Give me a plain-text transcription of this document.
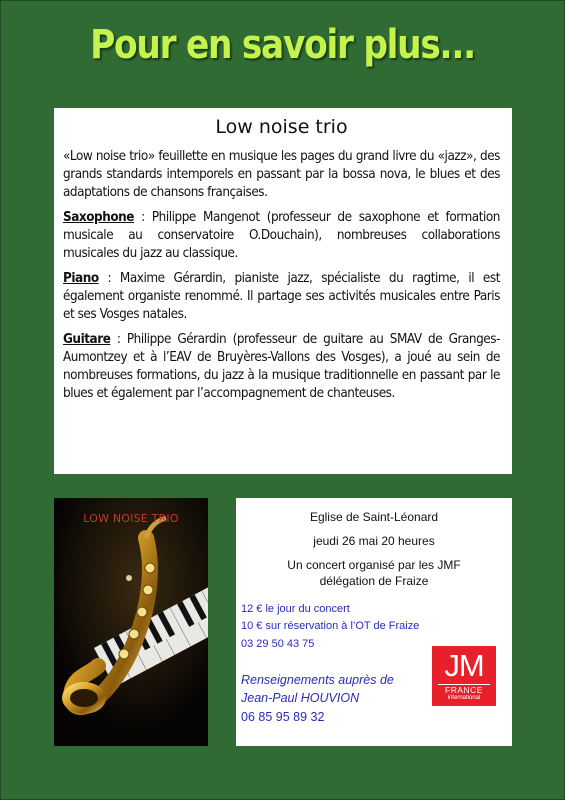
Pour en savoir plus...
Low noise trio

«Low noise trio» feuillette en musique les pages du grand livre du «jazz», des grands standards intemporels en passant par la bossa nova, le blues et des adaptations de chansons françaises.

Saxophone : Philippe Mangenot (professeur de saxophone et formation musicale au conservatoire O.Douchain), nombreuses collaborations musicales du jazz au classique.

Piano : Maxime Gérardin, pianiste jazz, spécialiste du ragtime, il est également organiste renommé. Il partage ses activités musicales entre Paris et ses Vosges natales.

Guitare : Philippe Gérardin (professeur de guitare au SMAV de Granges-Aumontzey et à l’EAV de Bruyères-Vallons des Vosges), a joué au sein de nombreuses formations, du jazz à la musique traditionnelle en passant par le blues et également par l’accompagnement de chanteuses.

LOW NOISE TRIO	Eglise de Saint-Léonard
jeudi 26 mai 20 heures
Un concert organisé par les JMF
délégation de Fraize
12 € le jour du concert
10 € sur réservation à l’OT de Fraize
03 29 50 43 75
Renseignements auprès de
Jean-Paul HOUVION
06 85 95 89 32
JM
FRANCE
international
